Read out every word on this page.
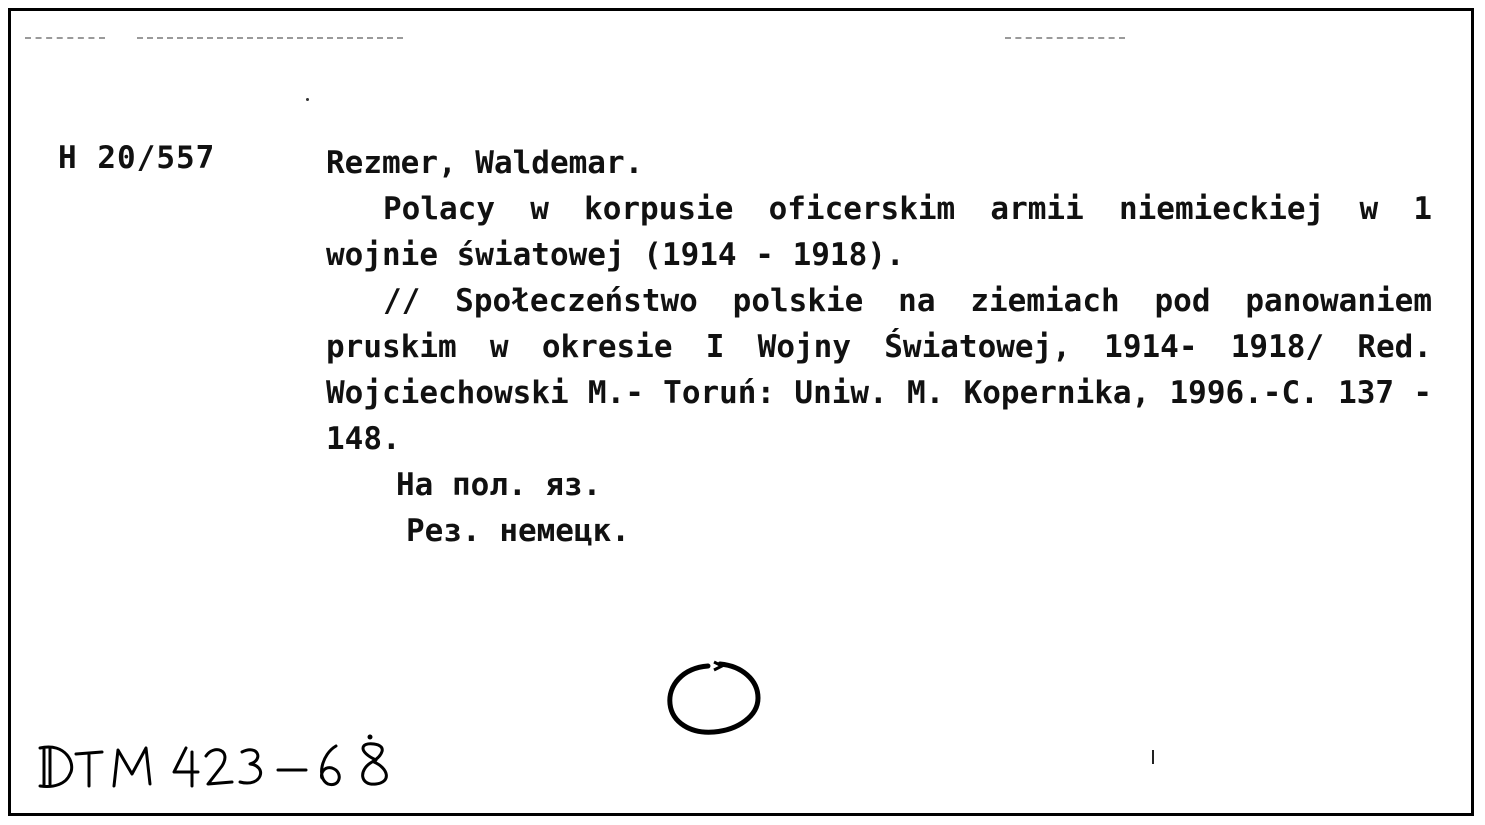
H 20/557	Rezmer, Waldemar.

Polacy w korpusie oficerskim armii niemieckiej w 1 wojnie światowej (1914 - 1918).

// Społeczeństwo polskie na ziemiach pod panowaniem pruskim w okresie I Wojny Światowej, 1914- 1918/ Red. Wojciechowski M.- Toruń: Uniw. M. Kopernika, 1996.-C. 137 - 148.

На пол. яз.

Рез. немецк.
